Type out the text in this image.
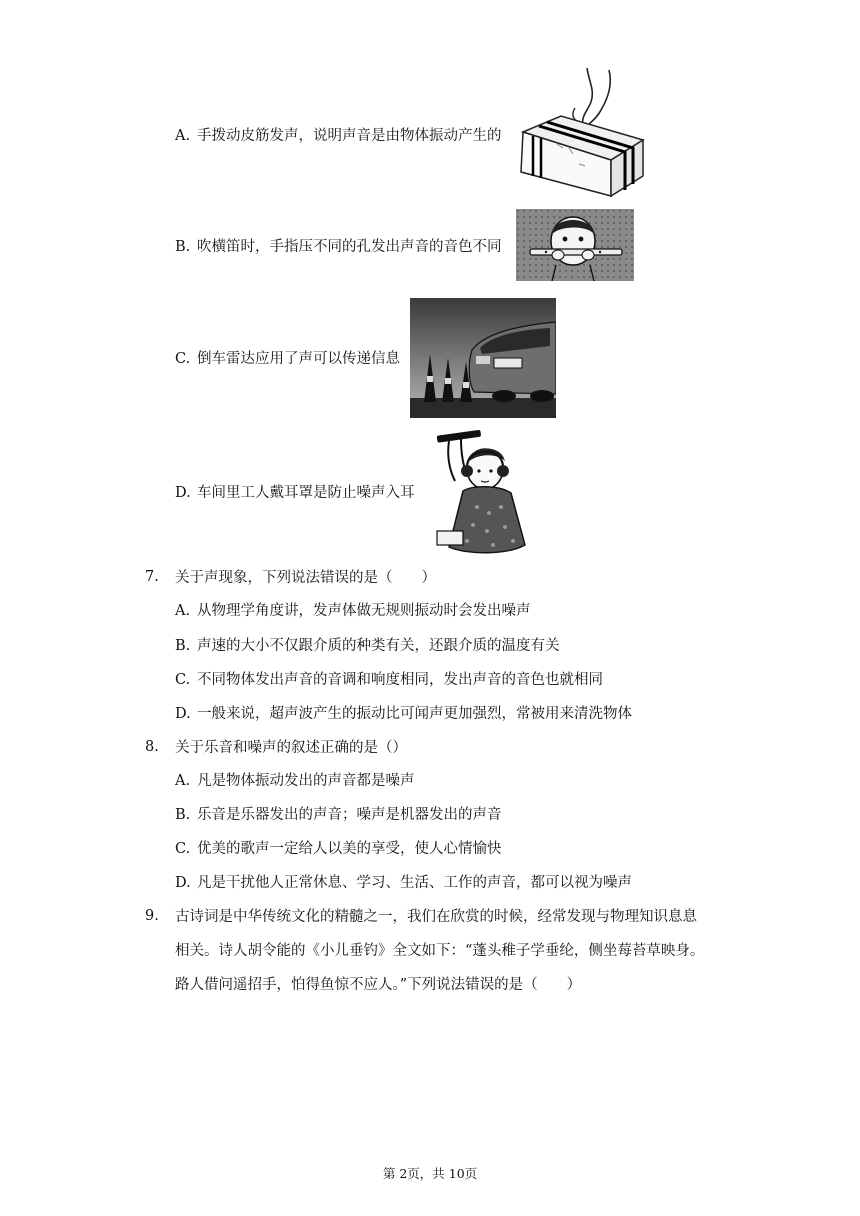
A. 手拨动皮筋发声，说明声音是由物体振动产生的
B. 吹横笛时，手指压不同的孔发出声音的音色不同
C. 倒车雷达应用了声可以传递信息
D. 车间里工人戴耳罩是防止噪声入耳
7. 关于声现象，下列说法错误的是（　　）
A. 从物理学角度讲，发声体做无规则振动时会发出噪声
B. 声速的大小不仅跟介质的种类有关，还跟介质的温度有关
C. 不同物体发出声音的音调和响度相同，发出声音的音色也就相同
D. 一般来说，超声波产生的振动比可闻声更加强烈，常被用来清洗物体
8. 关于乐音和噪声的叙述正确的是（）
A. 凡是物体振动发出的声音都是噪声
B. 乐音是乐器发出的声音；噪声是机器发出的声音
C. 优美的歌声一定给人以美的享受，使人心情愉快
D. 凡是干扰他人正常休息、学习、生活、工作的声音，都可以视为噪声
9. 古诗词是中华传统文化的精髓之一，我们在欣赏的时候，经常发现与物理知识息息
相关。诗人胡令能的《小儿垂钓》全文如下：“蓬头稚子学垂纶，侧坐莓苔草映身。
路人借问遥招手，怕得鱼惊不应人。”下列说法错误的是（　　）
第 2页，共 10页
